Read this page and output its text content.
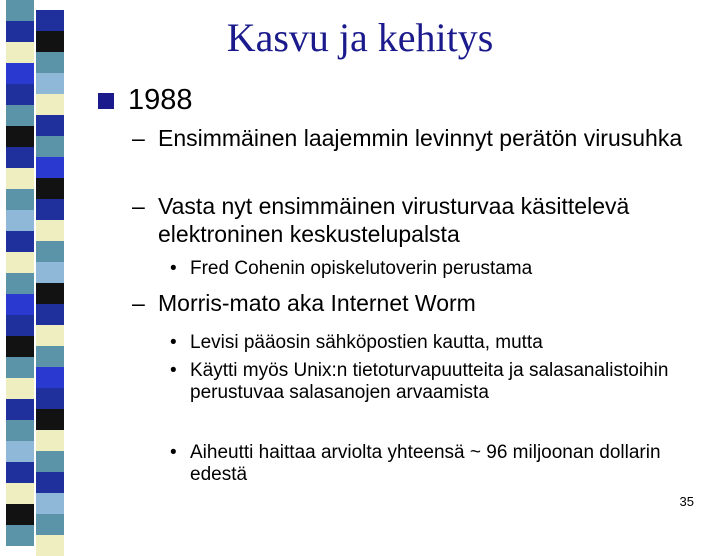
Kasvu ja kehitys
1988
– Ensimmäinen laajemmin levinnyt perätön virusuhka
– Vasta nyt ensimmäinen virusturvaa käsittelevä elektroninen keskustelupalsta
• Fred Cohenin opiskelutoverin perustama
– Morris-mato aka Internet Worm
• Levisi pääosin sähköpostien kautta, mutta
• Käytti myös Unix:n tietoturvapuutteita ja salasanalistoihin perustuvaa salasanojen arvaamista
• Aiheutti haittaa arviolta yhteensä ~ 96 miljoonan dollarin edestä
35
